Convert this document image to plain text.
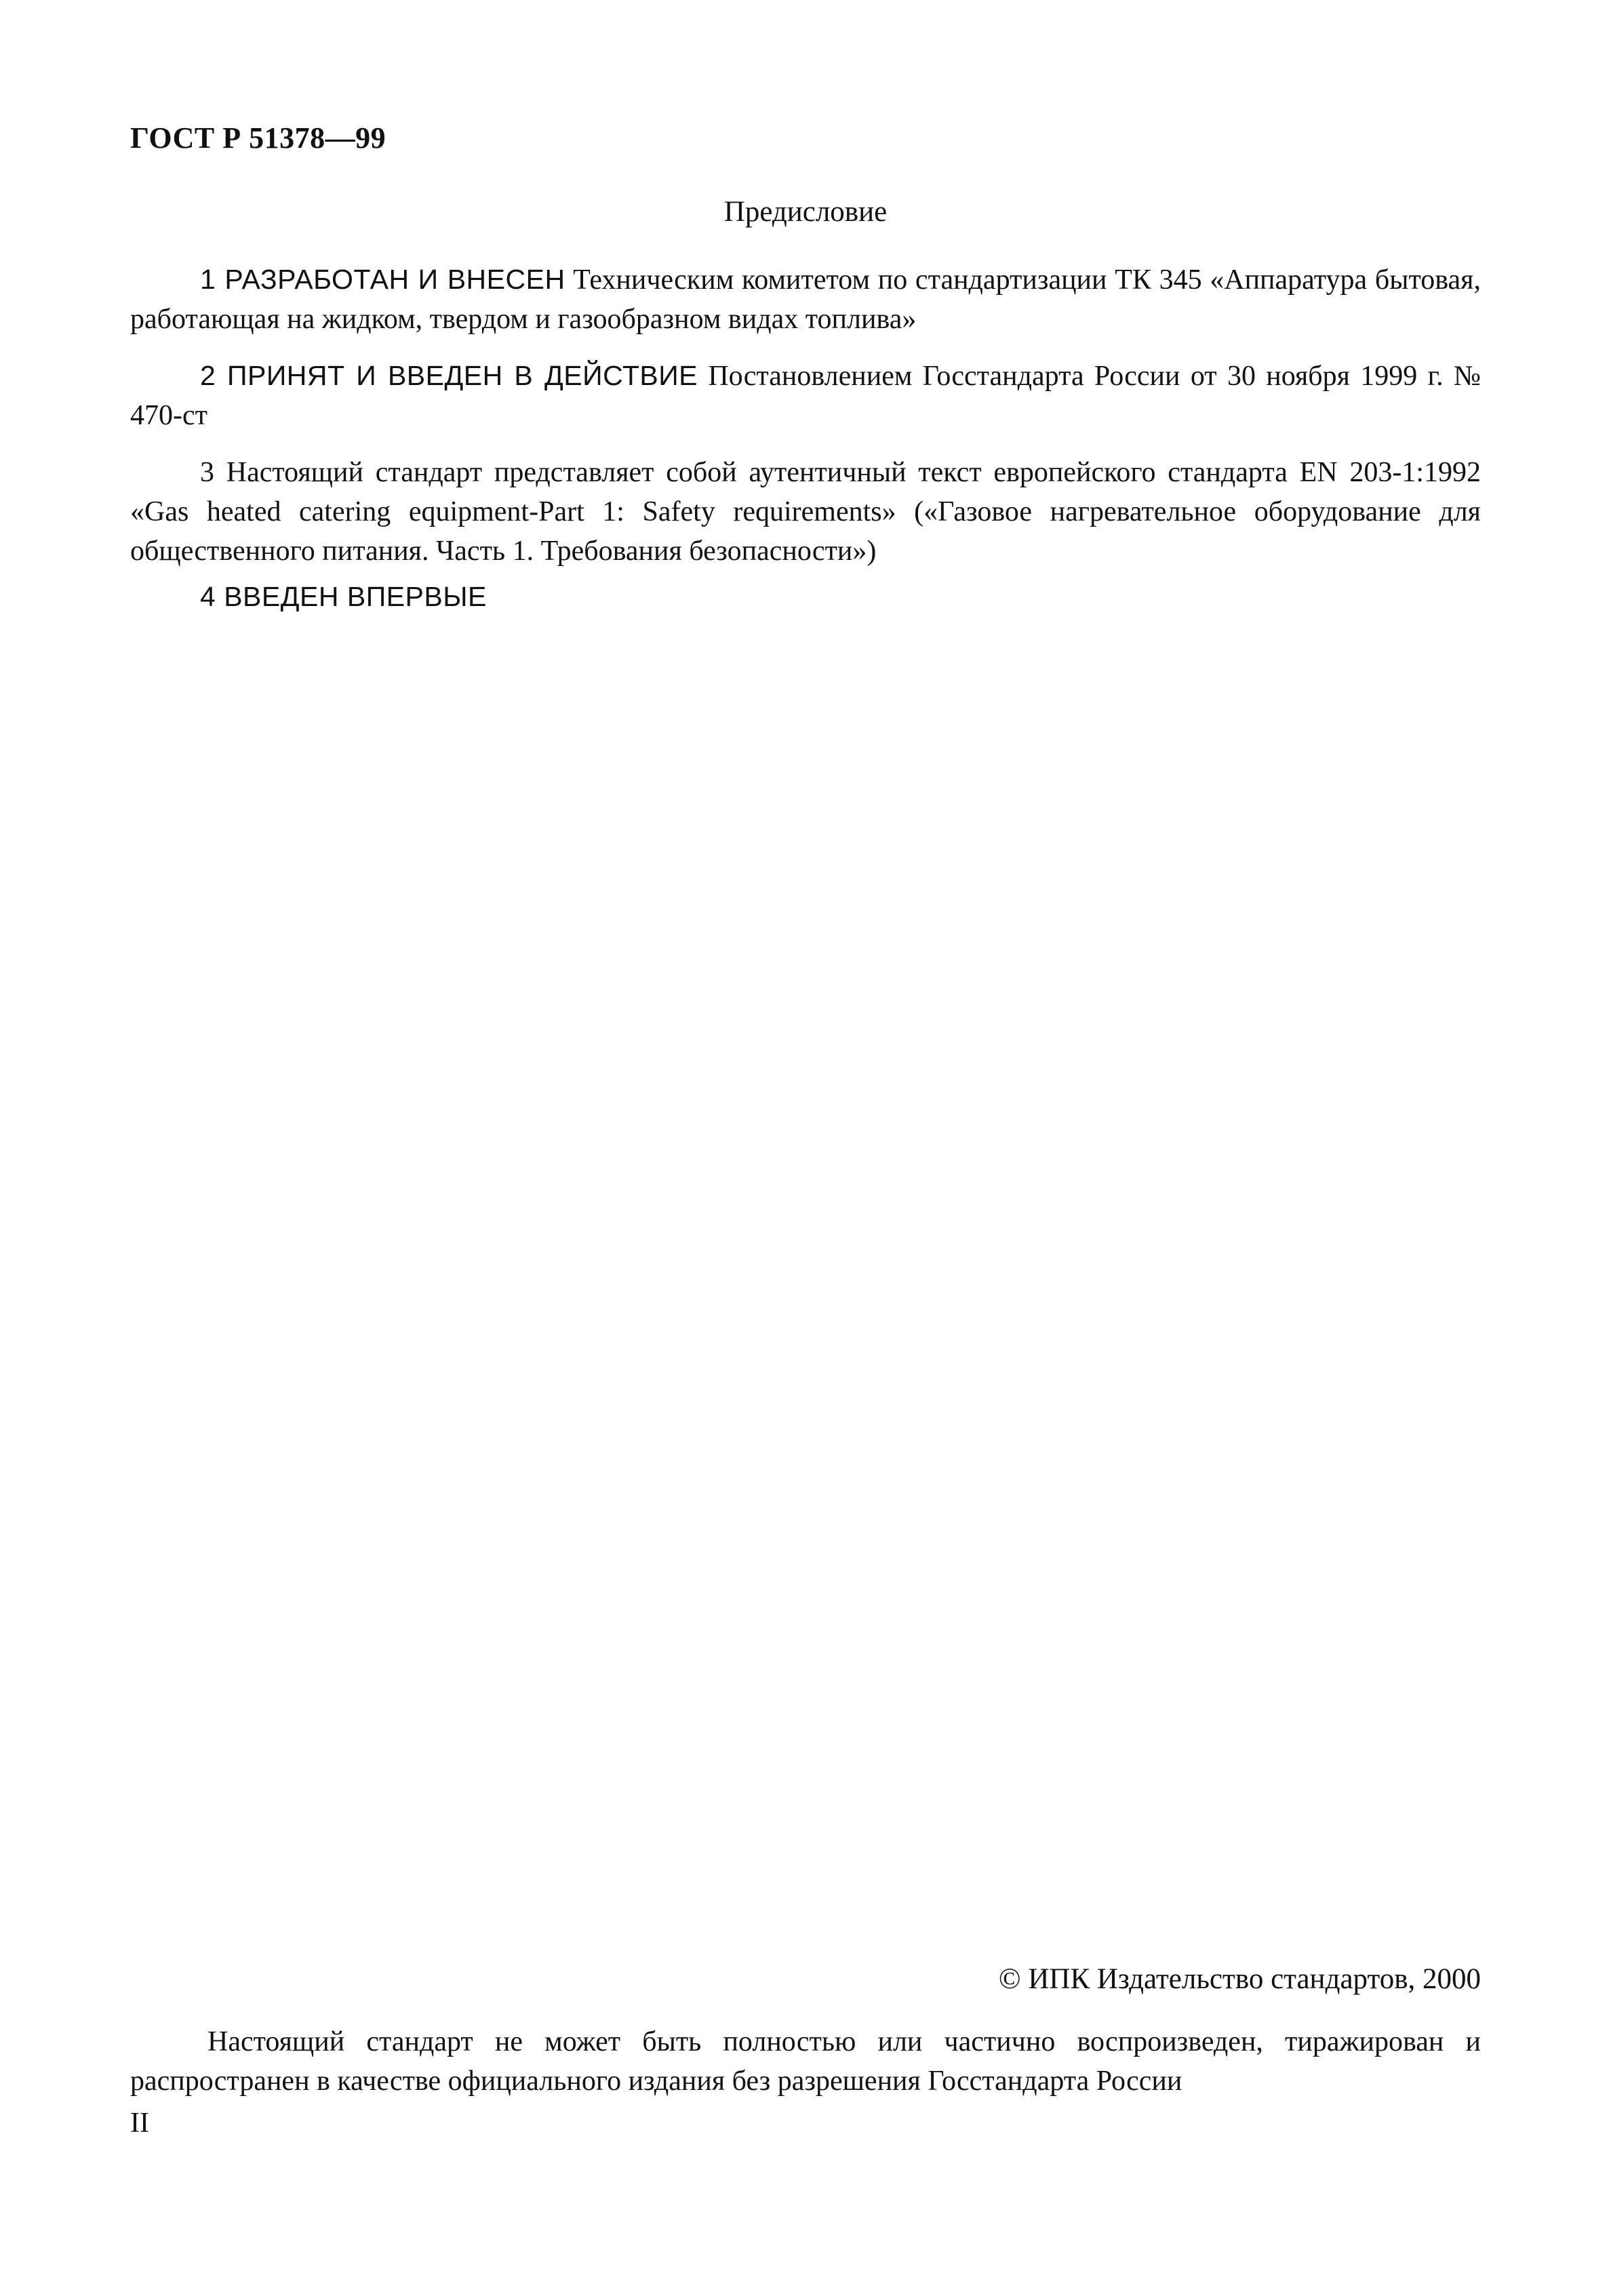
ГОСТ Р 51378—99
Предисловие

1 РАЗРАБОТАН И ВНЕСЕН Техническим комитетом по стандартизации ТК 345 «Аппаратура бытовая, работающая на жидком, твердом и газообразном видах топлива»

2 ПРИНЯТ И ВВЕДЕН В ДЕЙСТВИЕ Постановлением Госстандарта России от 30 ноября 1999 г. № 470-ст

3 Настоящий стандарт представляет собой аутентичный текст европейского стандарта EN 203-1:1992 «Gas heated catering equipment-Part 1: Safety requirements» («Газовое нагревательное оборудование для общественного питания. Часть 1. Требования безопасности»)

4 ВВЕДЕН ВПЕРВЫЕ

© ИПК Издательство стандартов, 2000

Настоящий стандарт не может быть полностью или частично воспроизведен, тиражирован и распространен в качестве официального издания без разрешения Госстандарта России

II
